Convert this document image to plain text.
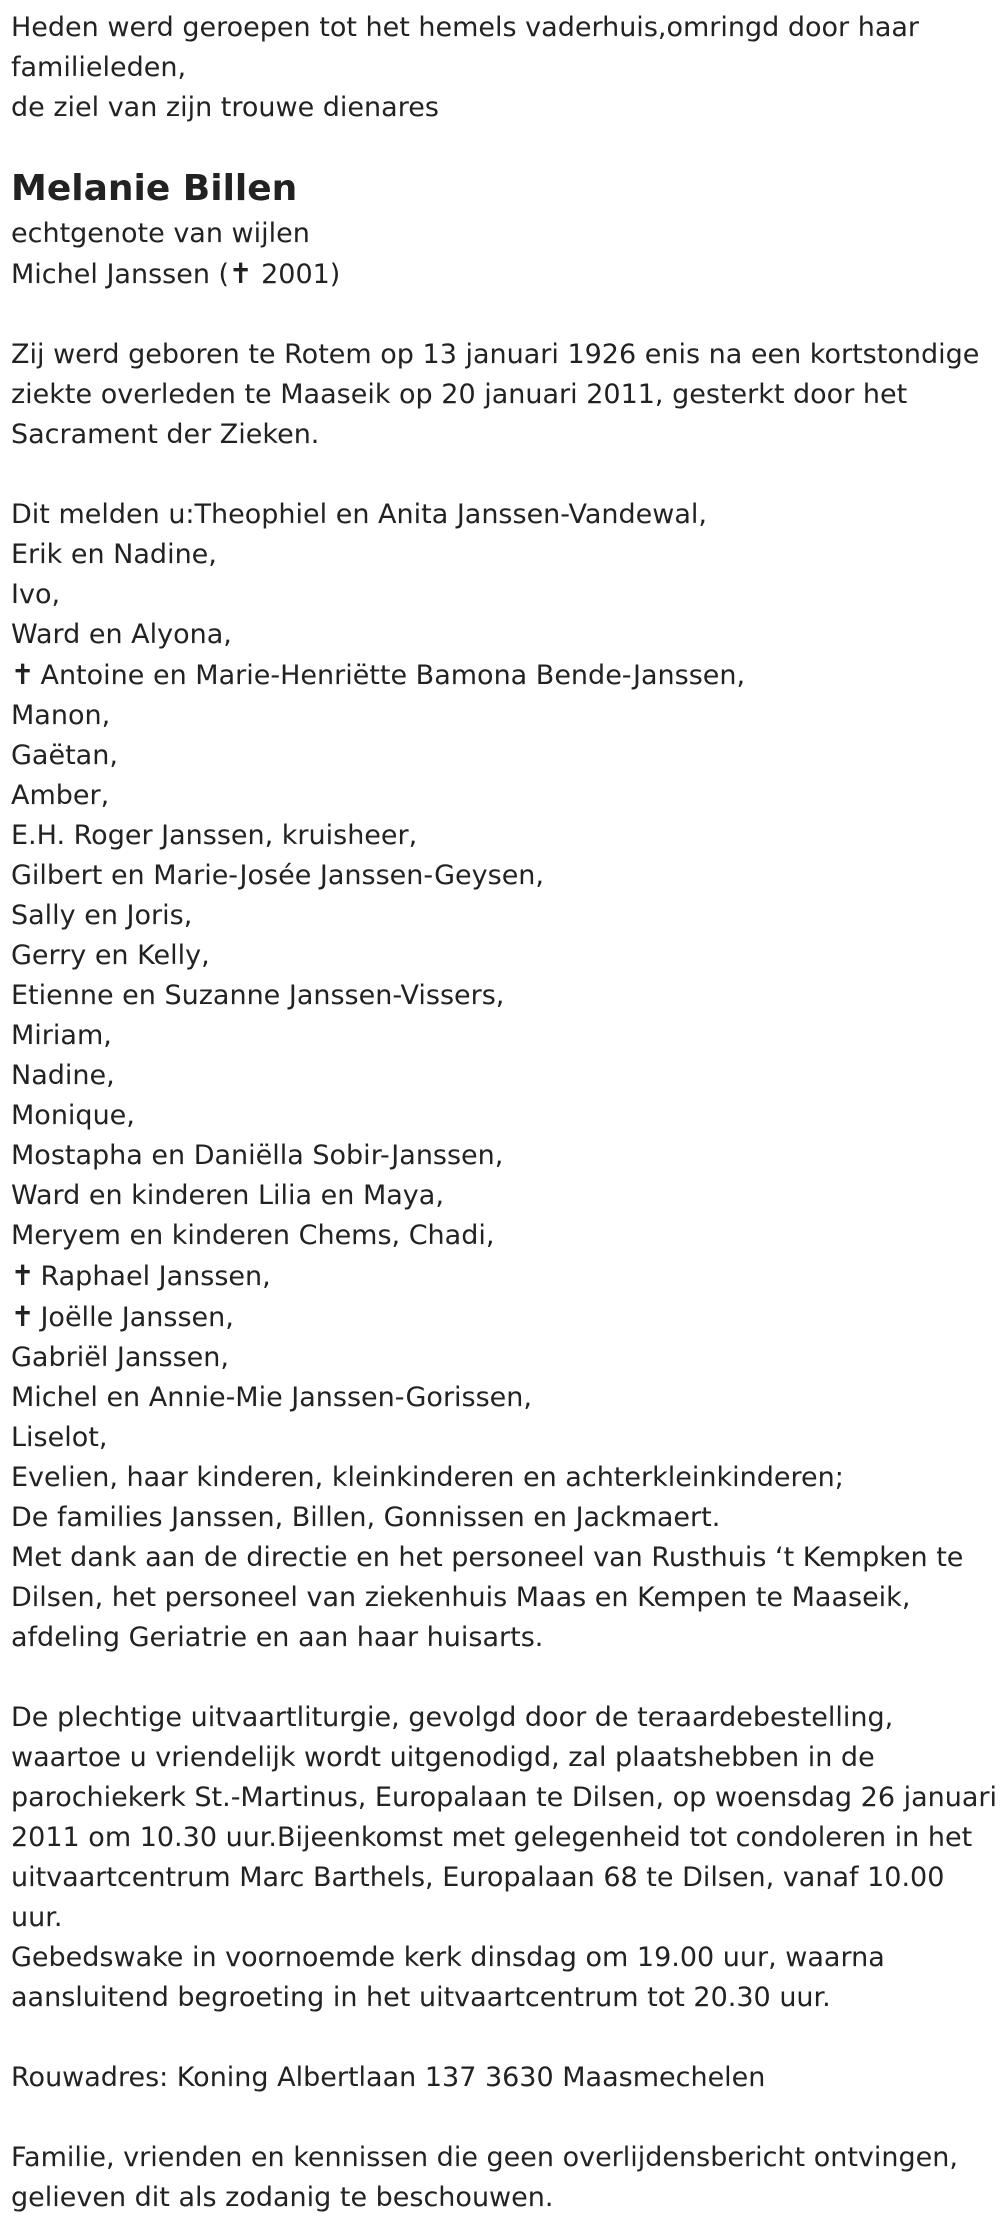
Heden werd geroepen tot het hemels vaderhuis,omringd door haar

familieleden,

de ziel van zijn trouwe dienares

Melanie Billen

echtgenote van wijlen

Michel Janssen (✝ 2001)

Zij werd geboren te Rotem op 13 januari 1926 enis na een kortstondige

ziekte overleden te Maaseik op 20 januari 2011, gesterkt door het

Sacrament der Zieken.

Dit melden u:Theophiel en Anita Janssen-Vandewal,

Erik en Nadine,

Ivo,

Ward en Alyona,

✝ Antoine en Marie-Henriëtte Bamona Bende-Janssen,

Manon,

Gaëtan,

Amber,

E.H. Roger Janssen, kruisheer,

Gilbert en Marie-Josée Janssen-Geysen,

Sally en Joris,

Gerry en Kelly,

Etienne en Suzanne Janssen-Vissers,

Miriam,

Nadine,

Monique,

Mostapha en Daniëlla Sobir-Janssen,

Ward en kinderen Lilia en Maya,

Meryem en kinderen Chems, Chadi,

✝ Raphael Janssen,

✝ Joëlle Janssen,

Gabriël Janssen,

Michel en Annie-Mie Janssen-Gorissen,

Liselot,

Evelien, haar kinderen, kleinkinderen en achterkleinkinderen;

De families Janssen, Billen, Gonnissen en Jackmaert.

Met dank aan de directie en het personeel van Rusthuis ‘t Kempken te

Dilsen, het personeel van ziekenhuis Maas en Kempen te Maaseik,

afdeling Geriatrie en aan haar huisarts.

De plechtige uitvaartliturgie, gevolgd door de teraardebestelling,

waartoe u vriendelijk wordt uitgenodigd, zal plaatshebben in de

parochiekerk St.-Martinus, Europalaan te Dilsen, op woensdag 26 januari

2011 om 10.30 uur.Bijeenkomst met gelegenheid tot condoleren in het

uitvaartcentrum Marc Barthels, Europalaan 68 te Dilsen, vanaf 10.00

uur.

Gebedswake in voornoemde kerk dinsdag om 19.00 uur, waarna

aansluitend begroeting in het uitvaartcentrum tot 20.30 uur.

Rouwadres: Koning Albertlaan 137 3630 Maasmechelen

Familie, vrienden en kennissen die geen overlijdensbericht ontvingen,

gelieven dit als zodanig te beschouwen.
